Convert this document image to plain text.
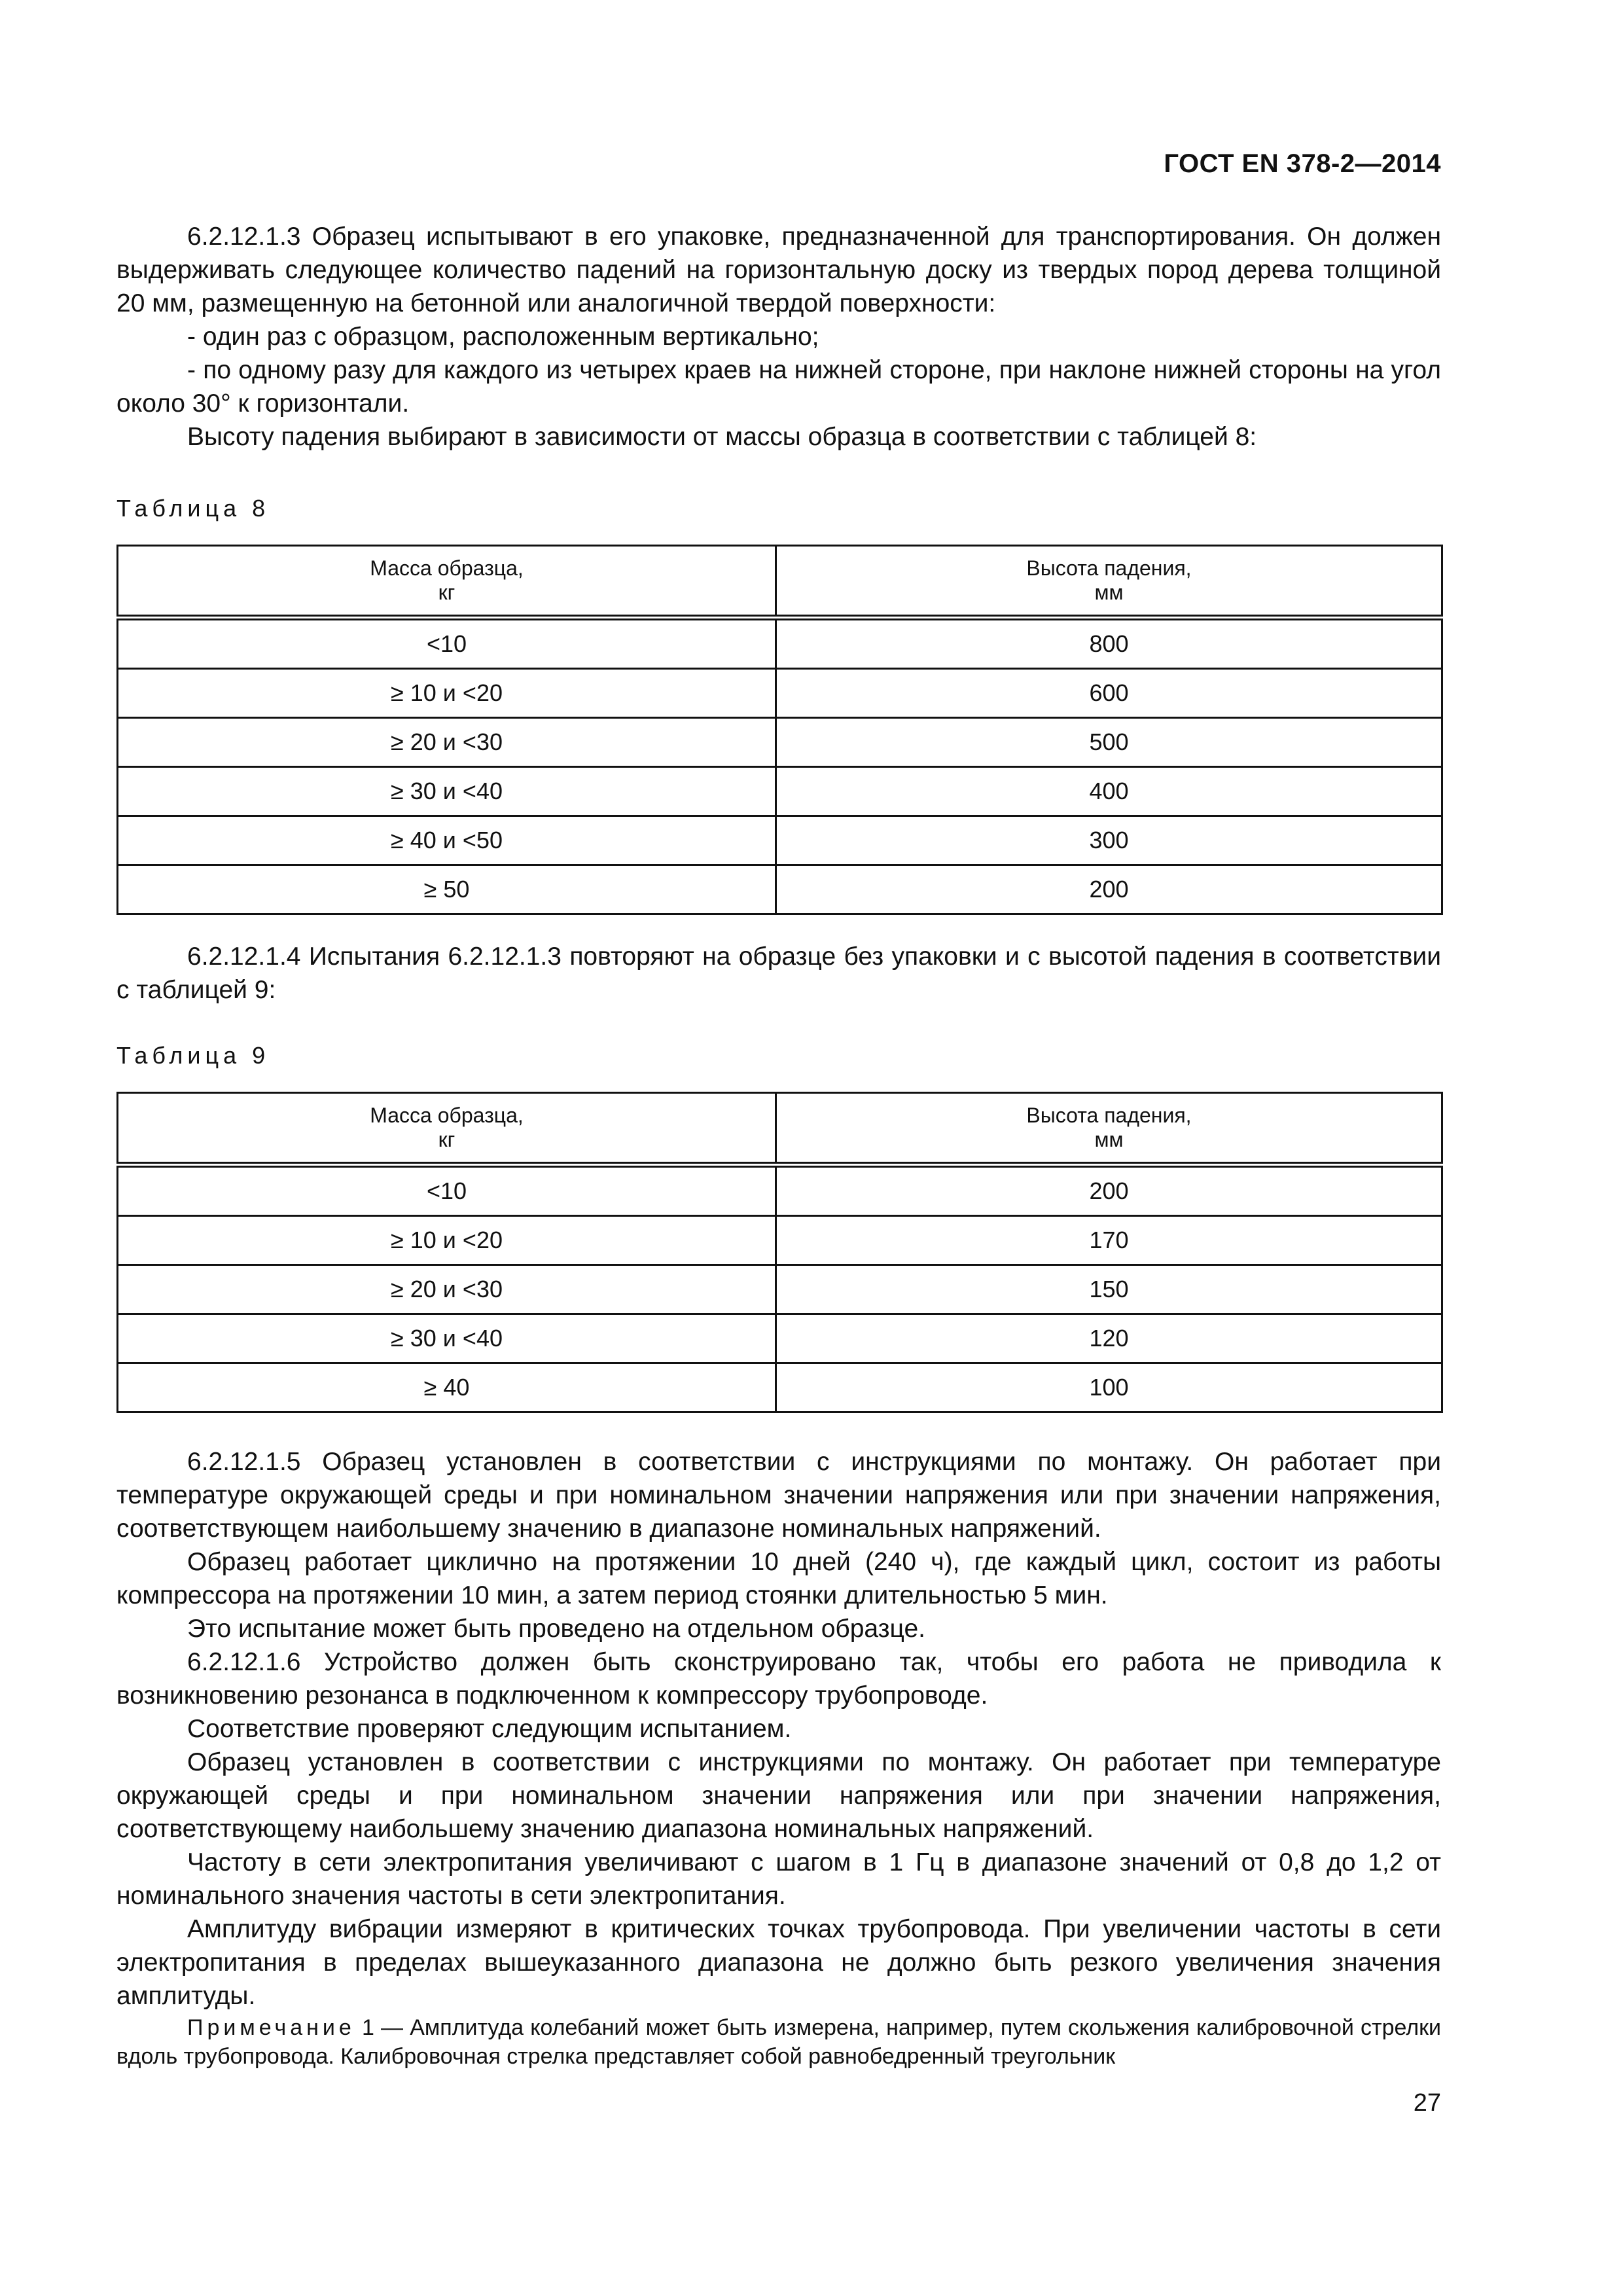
ГОСТ EN 378-2—2014

6.2.12.1.3 Образец испытывают в его упаковке, предназначенной для транспортирования. Он должен выдерживать следующее количество падений на горизонтальную доску из твердых пород дерева толщиной 20 мм, размещенную на бетонной или аналогичной твердой поверхности:

- один раз с образцом, расположенным вертикально;

- по одному разу для каждого из четырех краев на нижней стороне, при наклоне нижней стороны на угол около 30° к горизонтали.

Высоту падения выбирают в зависимости от массы образца в соответствии с таблицей 8:

Таблица 8
Масса образца,
кг	Высота падения,
мм

<10	800
≥ 10 и <20	600
≥ 20 и <30	500
≥ 30 и <40	400
≥ 40 и <50	300
≥ 50	200

6.2.12.1.4 Испытания 6.2.12.1.3 повторяют на образце без упаковки и с высотой падения в соответствии с таблицей 9:

Таблица 9
Масса образца,
кг	Высота падения,
мм

<10	200
≥ 10 и <20	170
≥ 20 и <30	150
≥ 30 и <40	120
≥ 40	100

6.2.12.1.5 Образец установлен в соответствии с инструкциями по монтажу. Он работает при температуре окружающей среды и при номинальном значении напряжения или при значении напряжения, соответствующем наибольшему значению в диапазоне номинальных напряжений.

Образец работает циклично на протяжении 10 дней (240 ч), где каждый цикл, состоит из работы компрессора на протяжении 10 мин, а затем период стоянки длительностью 5 мин.

Это испытание может быть проведено на отдельном образце.

6.2.12.1.6 Устройство должен быть сконструировано так, чтобы его работа не приводила к возникновению резонанса в подключенном к компрессору трубопроводе.

Соответствие проверяют следующим испытанием.

Образец установлен в соответствии с инструкциями по монтажу. Он работает при температуре окружающей среды и при номинальном значении напряжения или при значении напряжения, соответствующему наибольшему значению диапазона номинальных напряжений.

Частоту в сети электропитания увеличивают с шагом в 1 Гц в диапазоне значений от 0,8 до 1,2 от номинального значения частоты в сети электропитания.

Амплитуду вибрации измеряют в критических точках трубопровода. При увеличении частоты в сети электропитания в пределах вышеуказанного диапазона не должно быть резкого увеличения значения амплитуды.

Примечание 1 — Амплитуда колебаний может быть измерена, например, путем скольжения калибровочной стрелки вдоль трубопровода. Калибровочная стрелка представляет собой равнобедренный треугольник

27
